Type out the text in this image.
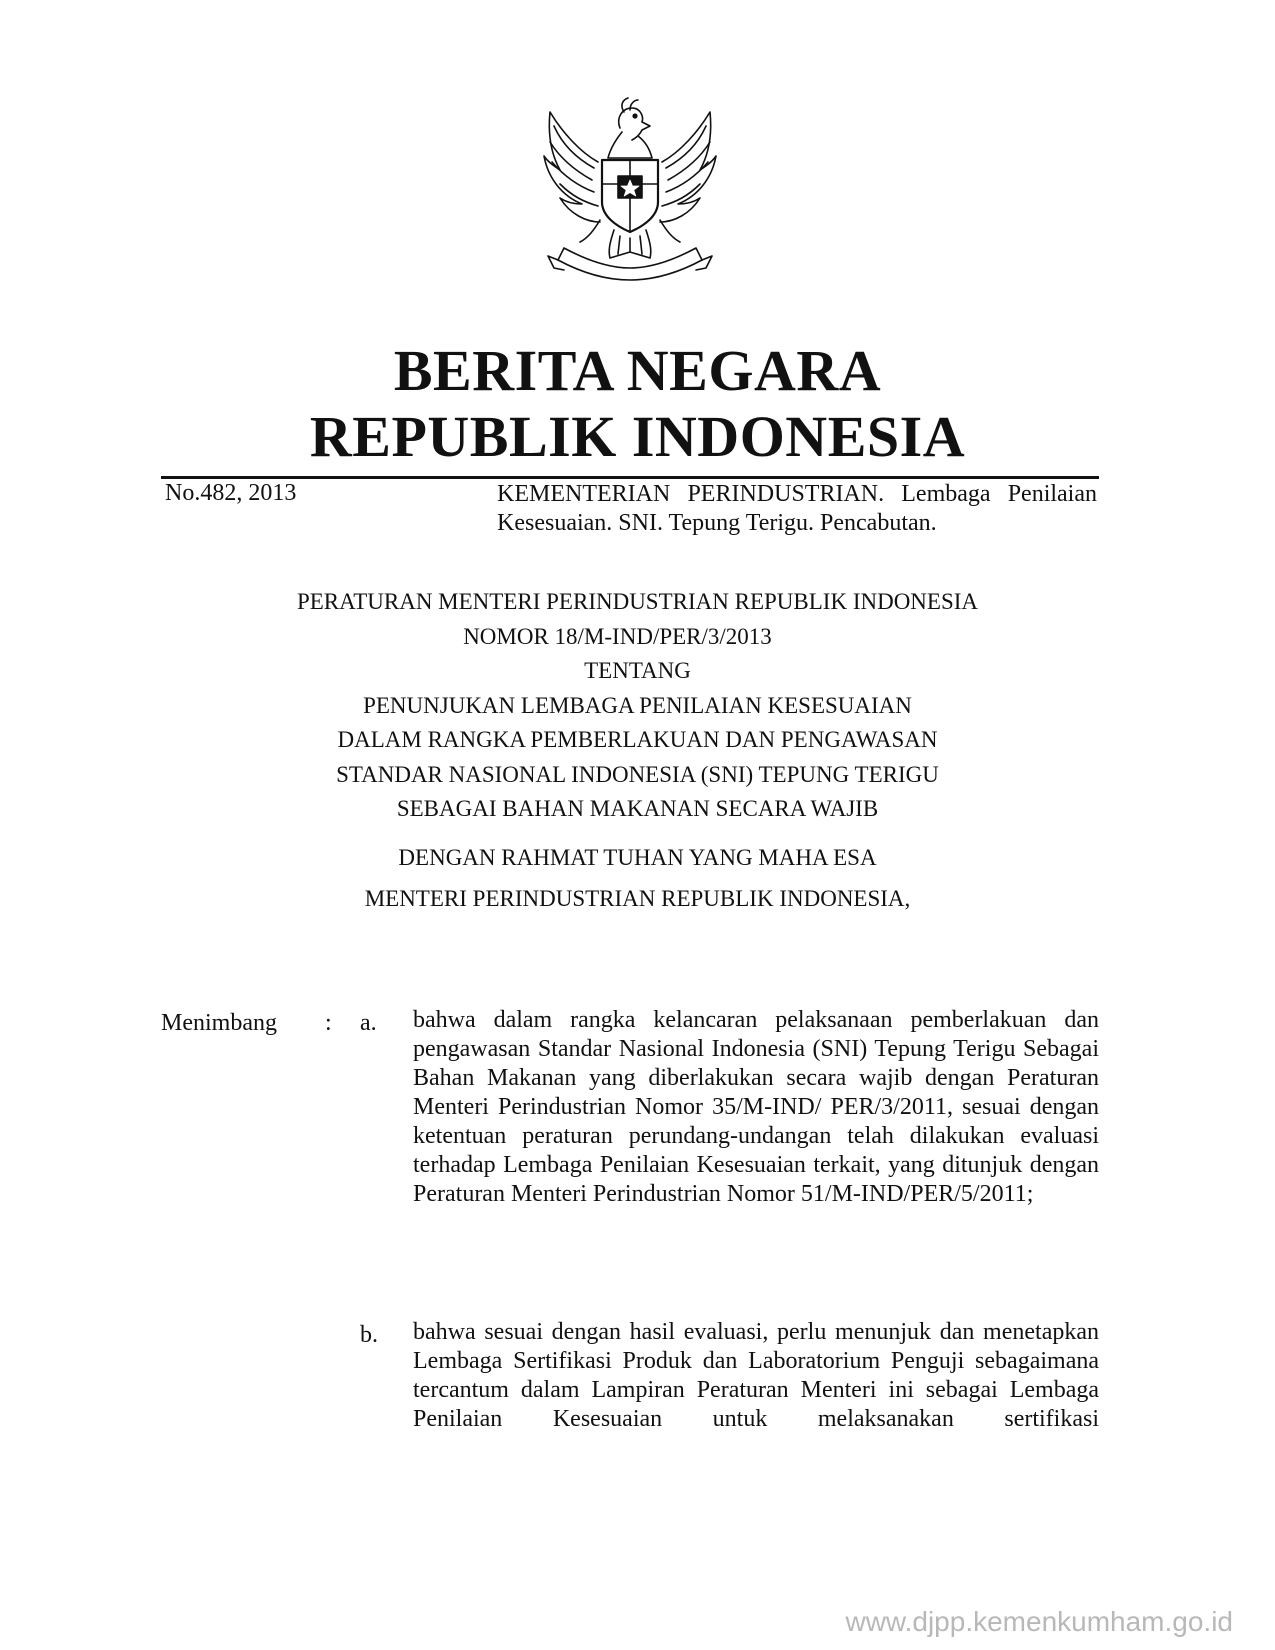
BERITA NEGARA
REPUBLIK INDONESIA
No.482, 2013	KEMENTERIAN PERINDUSTRIAN. Lembaga Penilaian Kesesuaian. SNI. Tepung Terigu. Pencabutan.
PERATURAN MENTERI PERINDUSTRIAN REPUBLIK INDONESIA
NOMOR 18/M-IND/PER/3/2013
TENTANG
PENUNJUKAN LEMBAGA PENILAIAN KESESUAIAN
DALAM RANGKA PEMBERLAKUAN DAN PENGAWASAN
STANDAR NASIONAL INDONESIA (SNI) TEPUNG TERIGU
SEBAGAI BAHAN MAKANAN SECARA WAJIB
DENGAN RAHMAT TUHAN YANG MAHA ESA
MENTERI PERINDUSTRIAN REPUBLIK INDONESIA,
Menimbang : a. bahwa dalam rangka kelancaran pelaksanaan pemberlakuan dan pengawasan Standar Nasional Indonesia (SNI) Tepung Terigu Sebagai Bahan Makanan yang diberlakukan secara wajib dengan Peraturan Menteri Perindustrian Nomor 35/M-IND/ PER/3/2011, sesuai dengan ketentuan peraturan perundang-undangan telah dilakukan evaluasi terhadap Lembaga Penilaian Kesesuaian terkait, yang ditunjuk dengan Peraturan Menteri Perindustrian Nomor 51/M-IND/PER/5/2011;
b. bahwa sesuai dengan hasil evaluasi, perlu menunjuk dan menetapkan Lembaga Sertifikasi Produk dan Laboratorium Penguji sebagaimana tercantum dalam Lampiran Peraturan Menteri ini sebagai Lembaga Penilaian Kesesuaian untuk melaksanakan sertifikasi
www.djpp.kemenkumham.go.id
